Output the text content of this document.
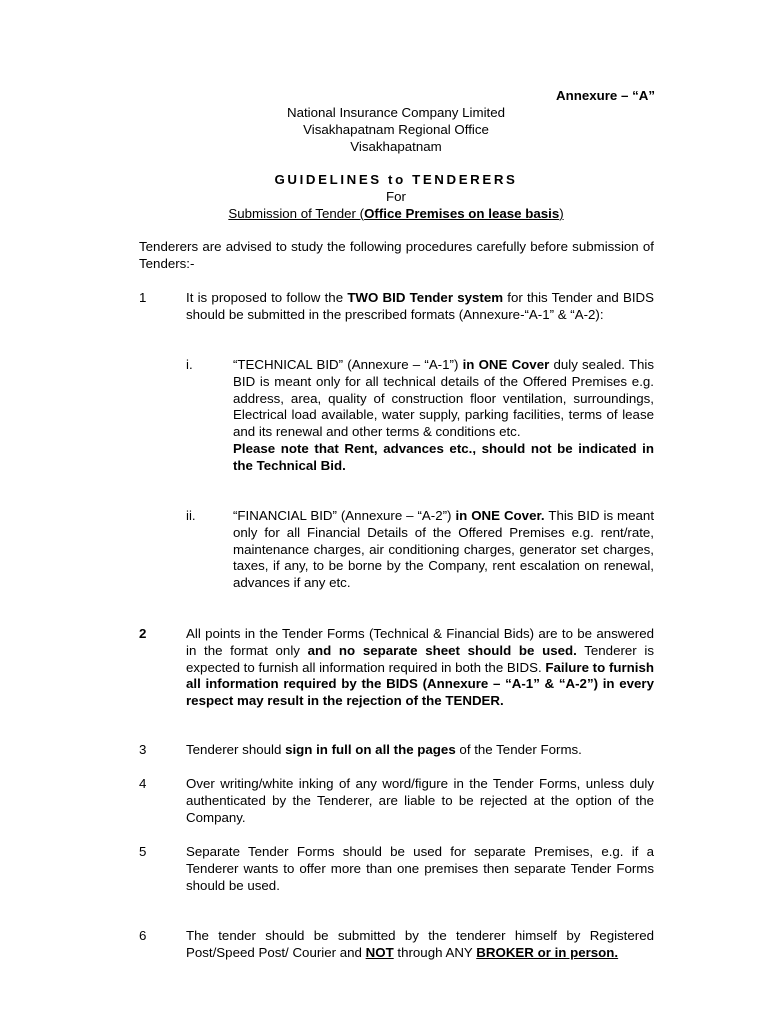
Annexure – “A”
National Insurance Company Limited
Visakhapatnam Regional Office
Visakhapatnam
GUIDELINES to TENDERERS
For
Submission of Tender (Office Premises on lease basis)
Tenderers are advised to study the following procedures carefully before submission of Tenders:-
1	It is proposed to follow the TWO BID Tender system for this Tender and BIDS should be submitted in the prescribed formats (Annexure-“A-1” & “A-2):
i.	“TECHNICAL BID” (Annexure – “A-1”) in ONE Cover duly sealed. This BID is meant only for all technical details of the Offered Premises e.g. address, area, quality of construction floor ventilation, surroundings, Electrical load available, water supply, parking facilities, terms of lease and its renewal and other terms & conditions etc.
Please note that Rent, advances etc., should not be indicated in the Technical Bid.
ii.	“FINANCIAL BID” (Annexure – “A-2”) in ONE Cover. This BID is meant only for all Financial Details of the Offered Premises e.g. rent/rate, maintenance charges, air conditioning charges, generator set charges, taxes, if any, to be borne by the Company, rent escalation on renewal, advances if any etc.
2	All points in the Tender Forms (Technical & Financial Bids) are to be answered in the format only and no separate sheet should be used. Tenderer is expected to furnish all information required in both the BIDS. Failure to furnish all information required by the BIDS (Annexure – “A-1” & “A-2”) in every respect may result in the rejection of the TENDER.
3	Tenderer should sign in full on all the pages of the Tender Forms.
4	Over writing/white inking of any word/figure in the Tender Forms, unless duly authenticated by the Tenderer, are liable to be rejected at the option of the Company.
5	Separate Tender Forms should be used for separate Premises, e.g. if a Tenderer wants to offer more than one premises then separate Tender Forms should be used.
6	The tender should be submitted by the tenderer himself by Registered Post/Speed Post/ Courier and NOT through ANY BROKER or in person.
